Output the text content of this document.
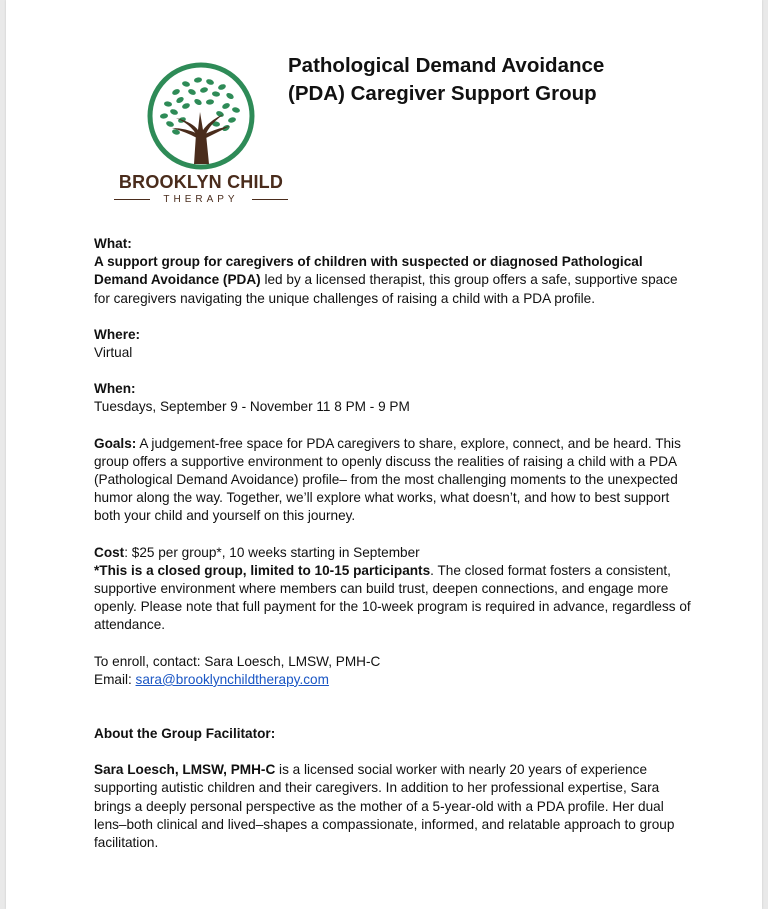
BROOKLYN CHILD
THERAPY
Pathological Demand Avoidance
(PDA) Caregiver Support Group

What:

A support group for caregivers of children with suspected or diagnosed Pathological Demand Avoidance (PDA) led by a licensed therapist, this group offers a safe, supportive space for caregivers navigating the unique challenges of raising a child with a PDA profile.

Where:

Virtual

When:

Tuesdays, September 9 - November 11 8 PM - 9 PM

Goals: A judgement-free space for PDA caregivers to share, explore, connect, and be heard. This group offers a supportive environment to openly discuss the realities of raising a child with a PDA (Pathological Demand Avoidance) profile– from the most challenging moments to the unexpected humor along the way. Together, we’ll explore what works, what doesn’t, and how to best support both your child and yourself on this journey.

Cost: $25 per group*, 10 weeks starting in September

*This is a closed group, limited to 10-15 participants. The closed format fosters a consistent, supportive environment where members can build trust, deepen connections, and engage more openly. Please note that full payment for the 10-week program is required in advance, regardless of attendance.

To enroll, contact: Sara Loesch, LMSW, PMH-C

Email: sara@brooklynchildtherapy.com

About the Group Facilitator:

Sara Loesch, LMSW, PMH-C is a licensed social worker with nearly 20 years of experience supporting autistic children and their caregivers. In addition to her professional expertise, Sara brings a deeply personal perspective as the mother of a 5-year-old with a PDA profile. Her dual lens–both clinical and lived–shapes a compassionate, informed, and relatable approach to group facilitation.
